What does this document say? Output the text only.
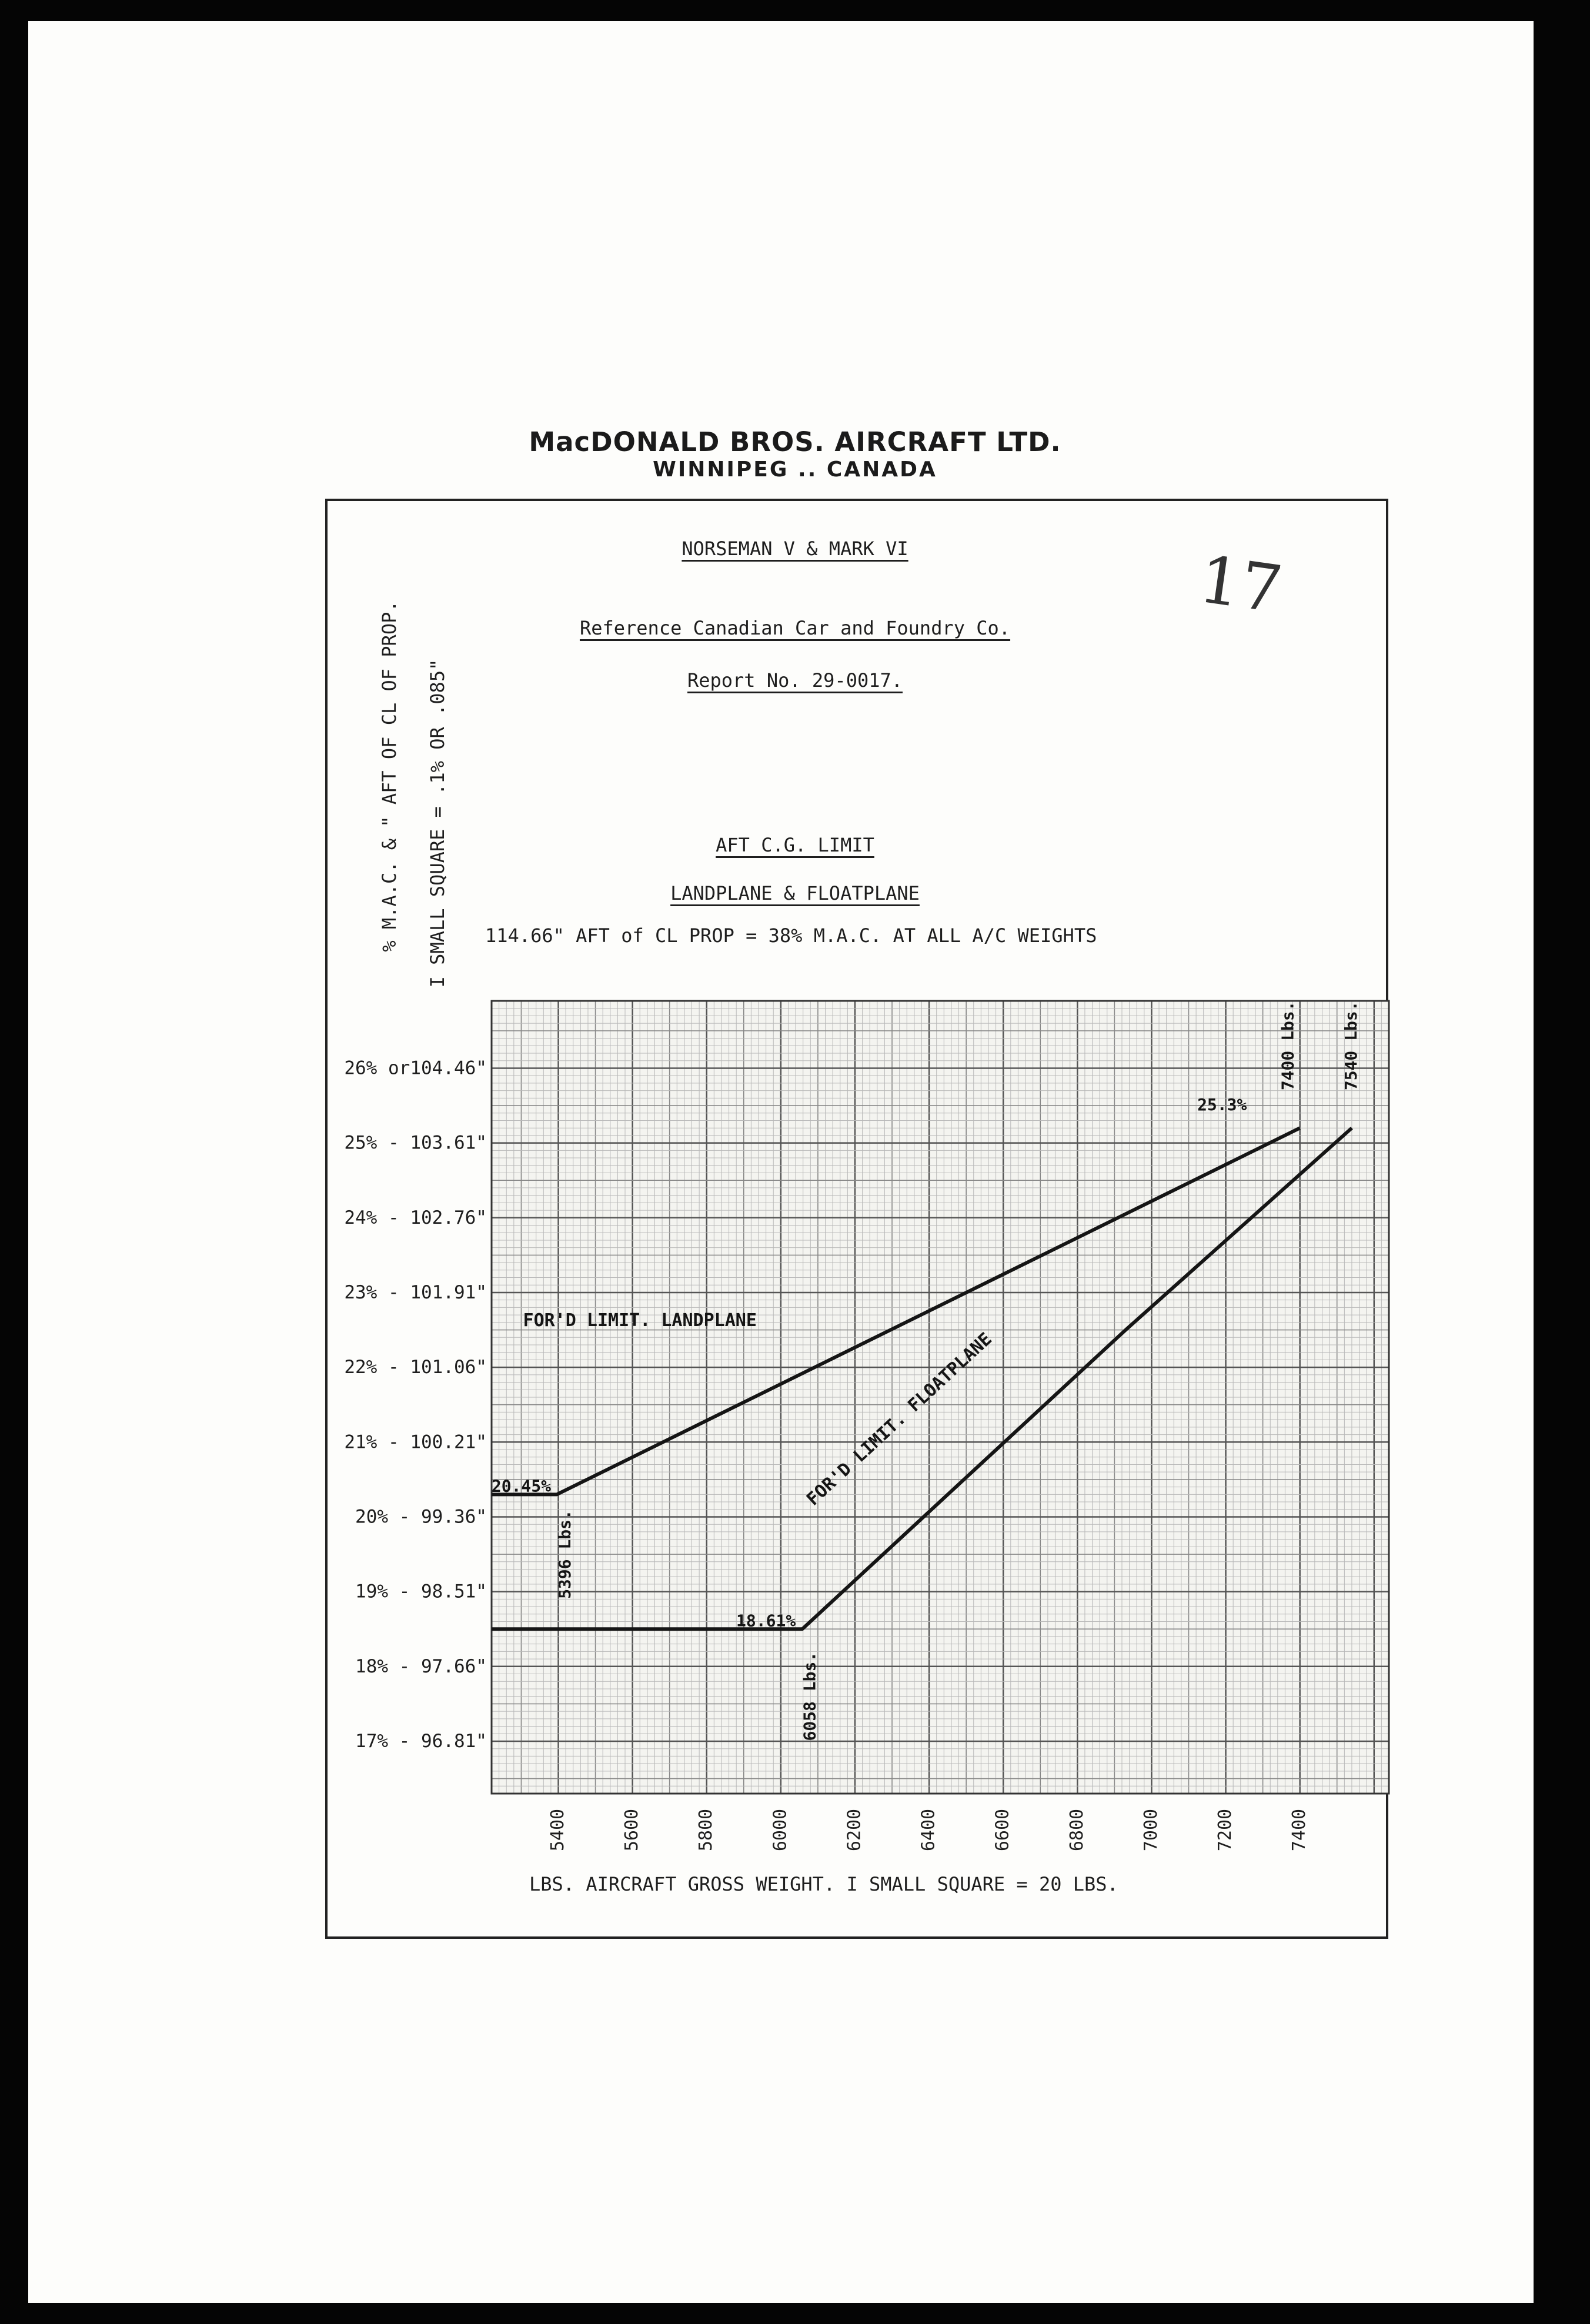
MacDONALD BROS. AIRCRAFT LTD.
WINNIPEG .. CANADA
NORSEMAN V & MARK VI
Reference Canadian Car and Foundry Co.
Report No. 29-0017.
AFT C.G. LIMIT
LANDPLANE & FLOATPLANE
114.66" AFT of CL PROP = 38% M.A.C. AT ALL A/C WEIGHTS
% M.A.C. & " AFT OF CL OF PROP. I SMALL SQUARE = .1% OR .085"
LBS. AIRCRAFT GROSS WEIGHT. I SMALL SQUARE = 20 LBS.
17
26% or104.46"
25% - 103.61"
24% - 102.76"
23% - 101.91"
22% - 101.06"
21% - 100.21"
20% - 99.36"
19% - 98.51"
18% - 97.66"
17% - 96.81"
5400	5600	5800	6000	6200	6400	6600	6800	7000	7200	7400
FOR'D LIMIT. LANDPLANE
FOR'D LIMIT. FLOATPLANE
20.45%
5396 Lbs.
18.61%
6058 Lbs.
25.3%
7400 Lbs.	7540 Lbs.
